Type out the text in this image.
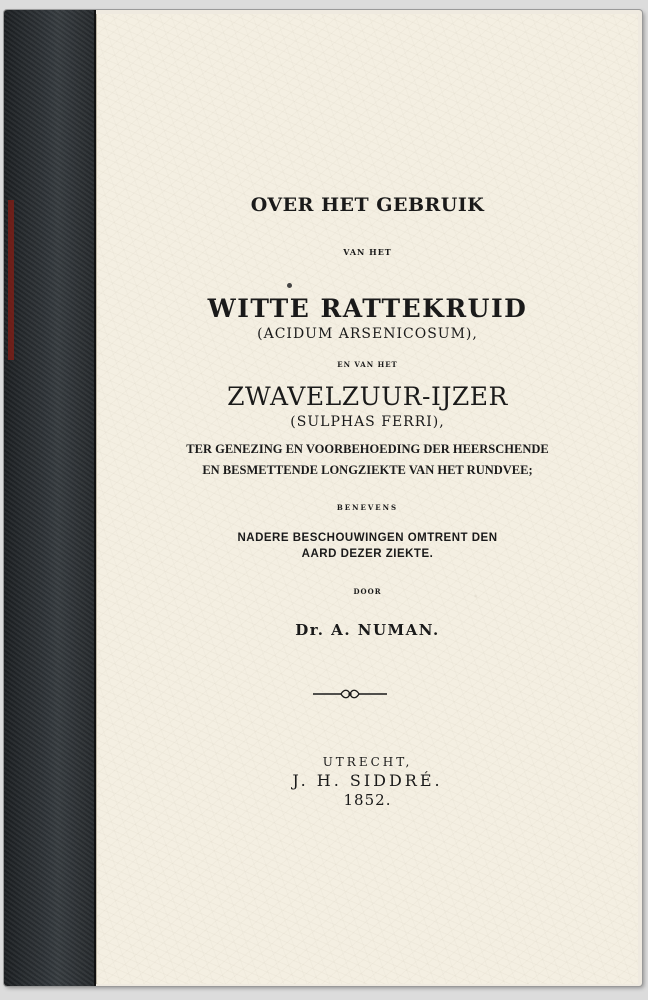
OVER HET GEBRUIK
VAN HET
WITTE RATTEKRUID
(ACIDUM ARSENICOSUM),
EN VAN HET
ZWAVELZUUR-IJZER
(SULPHAS FERRI),
TER GENEZING EN VOORBEHOEDING DER HEERSCHENDE
EN BESMETTENDE LONGZIEKTE VAN HET RUNDVEE;
BENEVENS
NADERE BESCHOUWINGEN OMTRENT DEN
AARD DEZER ZIEKTE.
DOOR
Dr. A. NUMAN.
UTRECHT,
J. H. SIDDRÉ.
1852.
